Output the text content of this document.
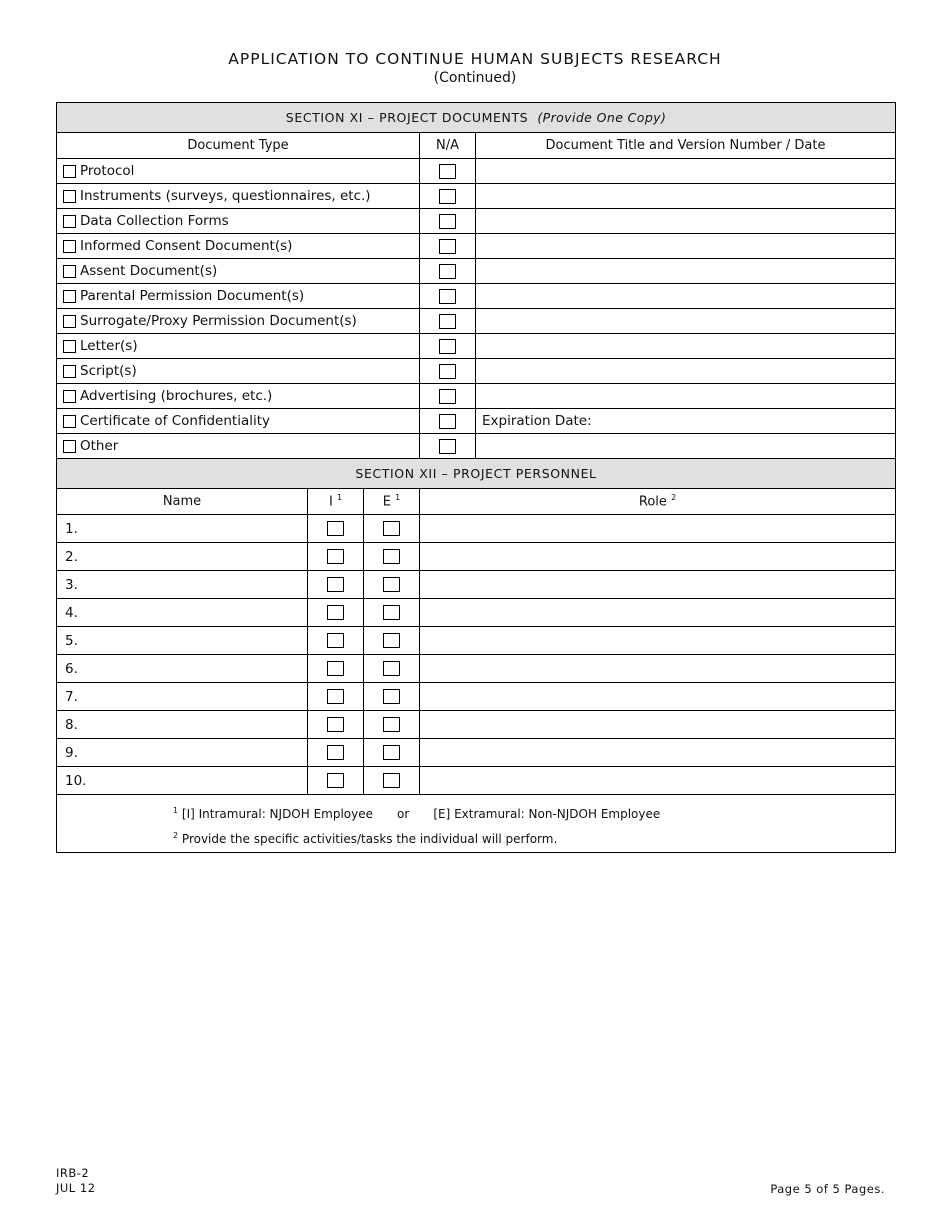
APPLICATION TO CONTINUE HUMAN SUBJECTS RESEARCH
(Continued)
SECTION XI – PROJECT DOCUMENTS (Provide One Copy)				
Document Type			N/A	Document Title and Version Number / Date
Protocol				
Instruments (surveys, questionnaires, etc.)				
Data Collection Forms				
Informed Consent Document(s)				
Assent Document(s)				
Parental Permission Document(s)				
Surrogate/Proxy Permission Document(s)				
Letter(s)				
Script(s)				
Advertising (brochures, etc.)				
Certificate of Confidentiality				Expiration Date:
Other				
SECTION XII – PROJECT PERSONNEL				
Name	I $^1$	E $^1$	Role $^2$
1.				
2.				
3.				
4.				
5.				
6.				
7.				
8.				
9.				
10.				

$^1$ [I] Intramural: NJDOH Employee or [E] Extramural: Non-NJDOH Employee
$^2$ Provide the specific activities/tasks the individual will perform.				
IRB-2
JUL 12	Page 5 of 5 Pages.
